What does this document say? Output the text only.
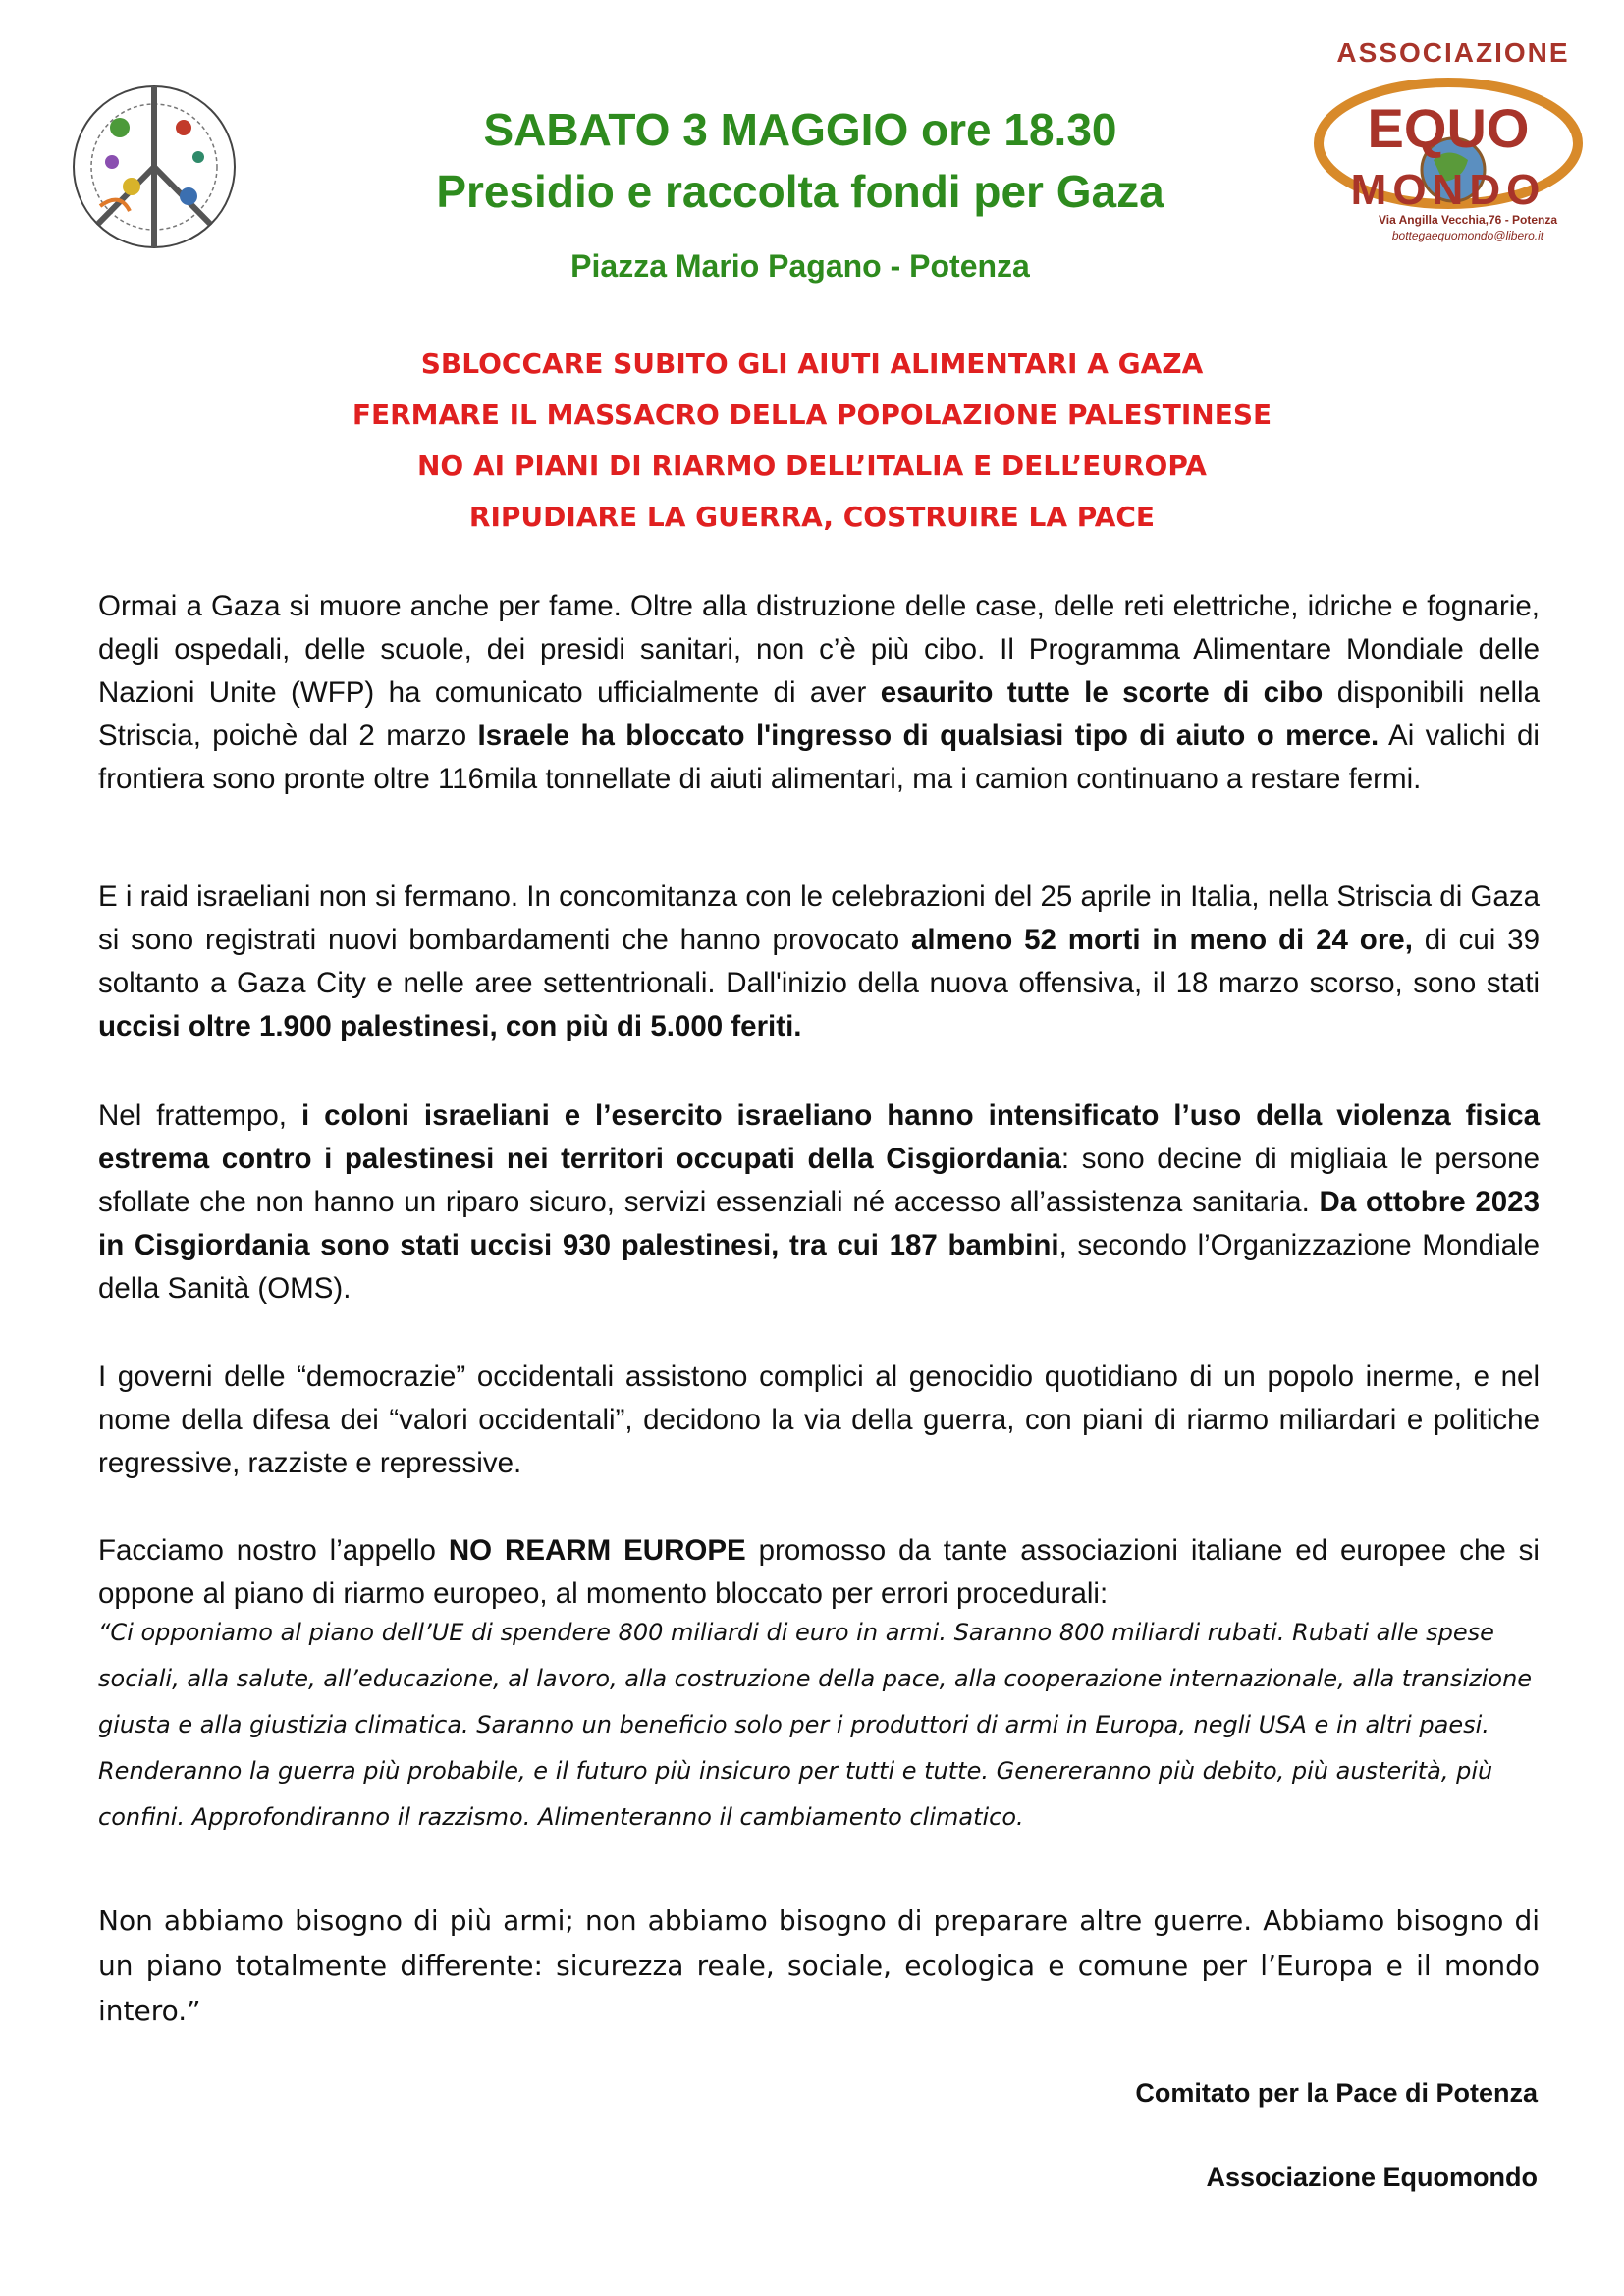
ASSOCIAZIONE
EQUO
MONDO
Via Angilla Vecchia,76 - Potenza
bottegaequomondo@libero.it
SABATO 3 MAGGIO ore 18.30
Presidio e raccolta fondi per Gaza
Piazza Mario Pagano - Potenza
SBLOCCARE SUBITO GLI AIUTI ALIMENTARI A GAZA
FERMARE IL MASSACRO DELLA POPOLAZIONE PALESTINESE
NO AI PIANI DI RIARMO DELL’ITALIA E DELL’EUROPA
RIPUDIARE LA GUERRA, COSTRUIRE LA PACE
Ormai a Gaza si muore anche per fame. Oltre alla distruzione delle case, delle reti elettriche, idriche e fognarie, degli ospedali, delle scuole, dei presidi sanitari, non c’è più cibo. Il Programma Alimentare Mondiale delle Nazioni Unite (WFP) ha comunicato ufficialmente di aver esaurito tutte le scorte di cibo disponibili nella Striscia, poichè dal 2 marzo Israele ha bloccato l'ingresso di qualsiasi tipo di aiuto o merce. Ai valichi di frontiera sono pronte oltre 116mila tonnellate di aiuti alimentari, ma i camion continuano a restare fermi.
E i raid israeliani non si fermano. In concomitanza con le celebrazioni del 25 aprile in Italia, nella Striscia di Gaza si sono registrati nuovi bombardamenti che hanno provocato almeno 52 morti in meno di 24 ore, di cui 39 soltanto a Gaza City e nelle aree settentrionali. Dall'inizio della nuova offensiva, il 18 marzo scorso, sono stati uccisi oltre 1.900 palestinesi, con più di 5.000 feriti.
Nel frattempo, i coloni israeliani e l’esercito israeliano hanno intensificato l’uso della violenza fisica estrema contro i palestinesi nei territori occupati della Cisgiordania: sono decine di migliaia le persone sfollate che non hanno un riparo sicuro, servizi essenziali né accesso all’assistenza sanitaria. Da ottobre 2023 in Cisgiordania sono stati uccisi 930 palestinesi, tra cui 187 bambini, secondo l’Organizzazione Mondiale della Sanità (OMS).
I governi delle “democrazie” occidentali assistono complici al genocidio quotidiano di un popolo inerme, e nel nome della difesa dei “valori occidentali”, decidono la via della guerra, con piani di riarmo miliardari e politiche regressive, razziste e repressive.
Facciamo nostro l’appello NO REARM EUROPE promosso da tante associazioni italiane ed europee che si oppone al piano di riarmo europeo, al momento bloccato per errori procedurali:
“Ci opponiamo al piano dell’UE di spendere 800 miliardi di euro in armi. Saranno 800 miliardi rubati. Rubati alle spese sociali, alla salute, all’educazione, al lavoro, alla costruzione della pace, alla cooperazione internazionale, alla transizione giusta e alla giustizia climatica. Saranno un beneficio solo per i produttori di armi in Europa, negli USA e in altri paesi. Renderanno la guerra più probabile, e il futuro più insicuro per tutti e tutte. Genereranno più debito, più austerità, più confini. Approfondiranno il razzismo. Alimenteranno il cambiamento climatico.
Non abbiamo bisogno di più armi; non abbiamo bisogno di preparare altre guerre. Abbiamo bisogno di un piano totalmente differente: sicurezza reale, sociale, ecologica e comune per l’Europa e il mondo intero.”
Comitato per la Pace di Potenza
Associazione Equomondo
